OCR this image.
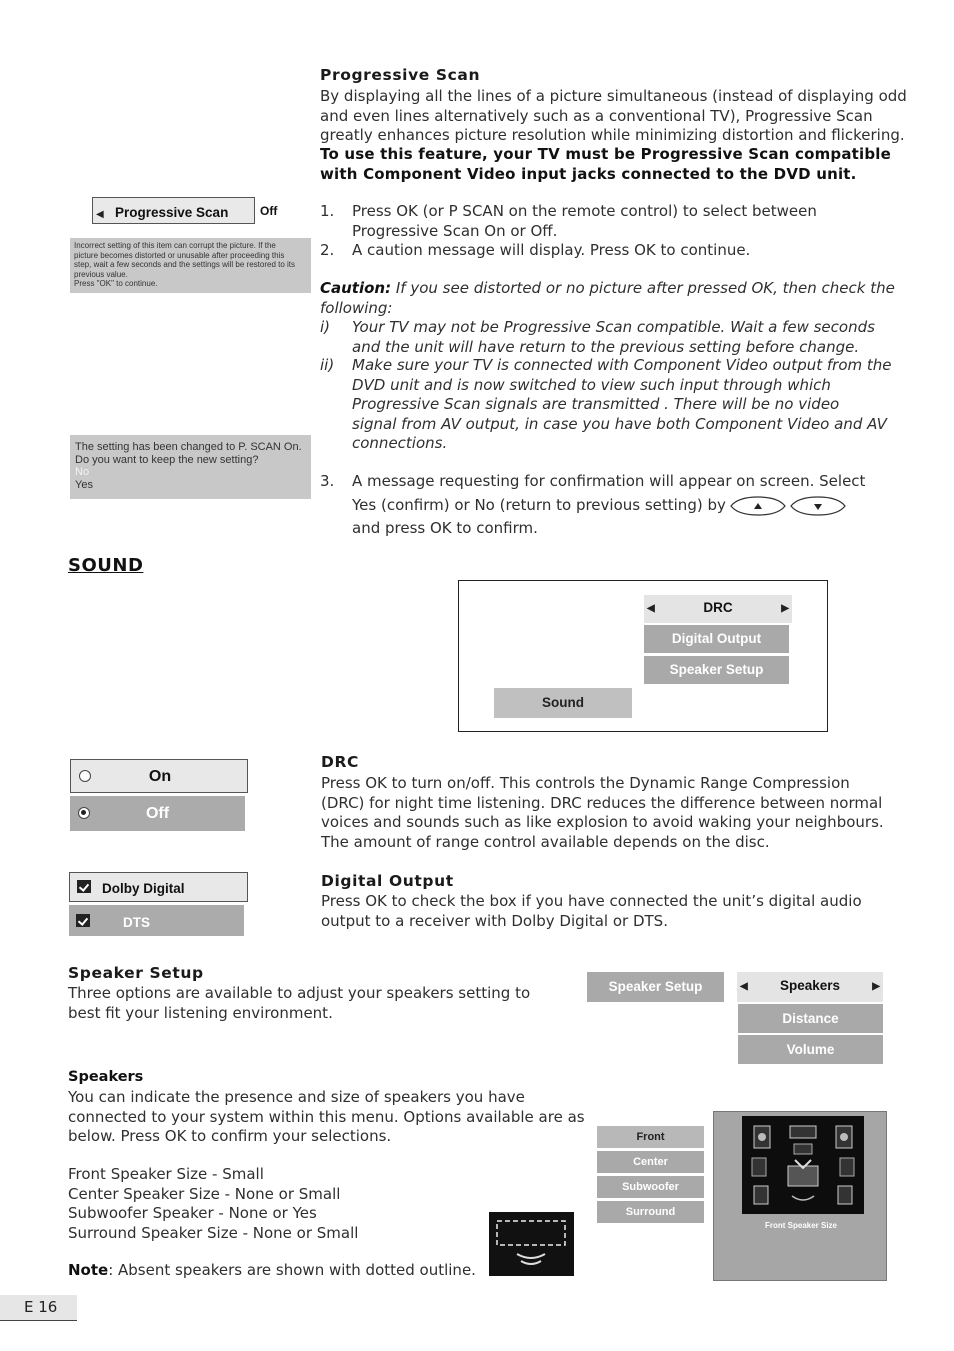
Progressive Scan
By displaying all the lines of a picture simultaneous (instead of displaying odd
and even lines alternatively such as a conventional TV), Progressive Scan
greatly enhances picture resolution while minimizing distortion and flickering.
To use this feature, your TV must be Progressive Scan compatible
with Component Video input jacks connected to the DVD unit.
1. Press OK (or P SCAN on the remote control) to select between
Progressive Scan On or Off.
2. A caution message will display. Press OK to continue.
Caution: If you see distorted or no picture after pressed OK, then check the
following:
i) Your TV may not be Progressive Scan compatible. Wait a few seconds
and the unit will have return to the previous setting before change.
ii) Make sure your TV is connected with Component Video output from the
DVD unit and is now switched to view such input through which
Progressive Scan signals are transmitted . There will be no video
signal from AV output, in case you have both Component Video and AV
connections.
3. A message requesting for confirmation will appear on screen. Select
Yes (confirm) or No (return to previous setting) by
and press OK to confirm.
◀ Progressive Scan	Off
Incorrect setting of this item can corrupt the picture. If the
picture becomes distorted or unusable after proceeding this
step, wait a few seconds and the settings will be restored to its
previous value.
Press "OK" to continue.
The setting has been changed to P. SCAN On.
Do you want to keep the new setting?
No
Yes
SOUND
◀	DRC	▶
Digital Output
Speaker Setup
Sound
DRC
Press OK to turn on/off. This controls the Dynamic Range Compression
(DRC) for night time listening. DRC reduces the difference between normal
voices and sounds such as like explosion to avoid waking your neighbours.
The amount of range control available depends on the disc.
On
Off
Digital Output
Press OK to check the box if you have connected the unit’s digital audio
output to a receiver with Dolby Digital or DTS.
Dolby Digital
DTS
Speaker Setup
Three options are available to adjust your speakers setting to
best fit your listening environment.
Speaker Setup	◀ Speakers	▶
Distance
Volume
Speakers
You can indicate the presence and size of speakers you have
connected to your system within this menu. Options available are as
below. Press OK to confirm your selections.
Front Speaker Size - Small
Center Speaker Size - None or Small
Subwoofer Speaker - None or Yes
Surround Speaker Size - None or Small
Note: Absent speakers are shown with dotted outline.
Front
Center
Subwoofer
Surround
Front Speaker Size
E 16
